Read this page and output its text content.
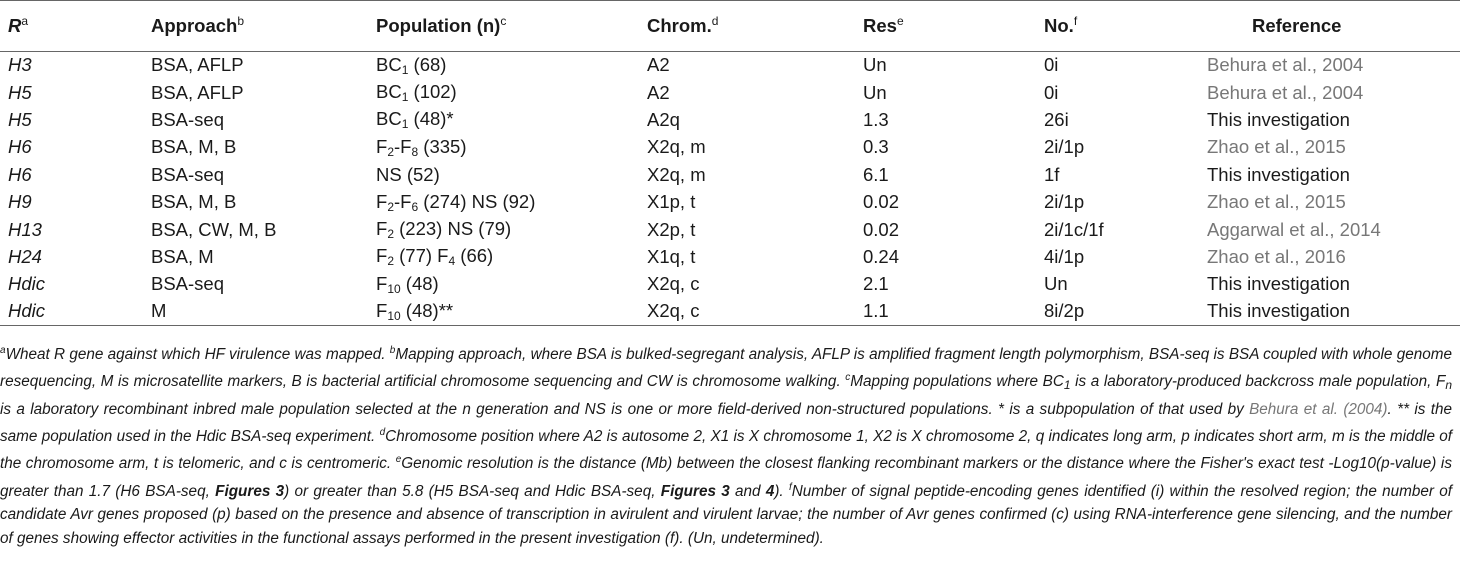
	$R^a$	Approach$^b$	Population $(n)^c$	Chrom.$^d$	Res$^e$	No.$^f$	Reference
	H3	BSA, AFLP	$BC_1$ (68)	A2	Un	0i	Behura et al., 2004
	H5	BSA, AFLP	$BC_1$ (102)	A2	Un	0i	Behura et al., 2004
	H5	BSA-seq	$BC_1$ (48)*	A2q	1.3	26i	This investigation
	H6	BSA, M, B	$F_2-F_8$ (335)	X2q, m	0.3	2i/1p	Zhao et al., 2015
	H6	BSA-seq	NS (52)	X2q, m	6.1	1f	This investigation
	H9	BSA, M, B	$F_2-F_6$ (274) NS (92)	X1p, t	0.02	2i/1p	Zhao et al., 2015
	H13	BSA, CW, M, B	$F_2$ (223) NS (79)	X2p, t	0.02	2i/1c/1f	Aggarwal et al., 2014
	H24	BSA, M	$F_2$ (77) $F_4$ (66)	X1q, t	0.24	4i/1p	Zhao et al., 2016
	Hdic	BSA-seq	$F_{10}$ (48)	X2q, c	2.1	Un	This investigation
	Hdic	M	$F_{10}$ (48)**	X2q, c	1.1	8i/2p	This investigation
$^a$Wheat R gene against which HF virulence was mapped. $^b$Mapping approach, where BSA is bulked-segregant analysis, AFLP is amplified fragment length polymorphism, BSA-seq is BSA coupled with whole genome resequencing, M is microsatellite markers, B is bacterial artificial chromosome sequencing and CW is chromosome walking. $^c$Mapping populations where $BC_1$ is a laboratory-produced backcross male population, $F_n$ is a laboratory recombinant inbred male population selected at the n generation and NS is one or more field-derived non-structured populations. * is a subpopulation of that used by Behura et al. (2004). ** is the same population used in the Hdic BSA-seq experiment. $^d$Chromosome position where A2 is autosome 2, X1 is X chromosome 1, X2 is X chromosome 2, q indicates long arm, p indicates short arm, m is the middle of the chromosome arm, t is telomeric, and c is centromeric. $^e$Genomic resolution is the distance (Mb) between the closest flanking recombinant markers or the distance where the Fisher's exact test -Log10(p-value) is greater than 1.7 (H6 BSA-seq, Figures 3) or greater than 5.8 (H5 BSA-seq and Hdic BSA-seq, Figures 3 and 4). $^f$Number of signal peptide-encoding genes identified (i) within the resolved region; the number of candidate Avr genes proposed (p) based on the presence and absence of transcription in avirulent and virulent larvae; the number of Avr genes confirmed (c) using RNA-interference gene silencing, and the number of genes showing effector activities in the functional assays performed in the present investigation (f). (Un, undetermined).
